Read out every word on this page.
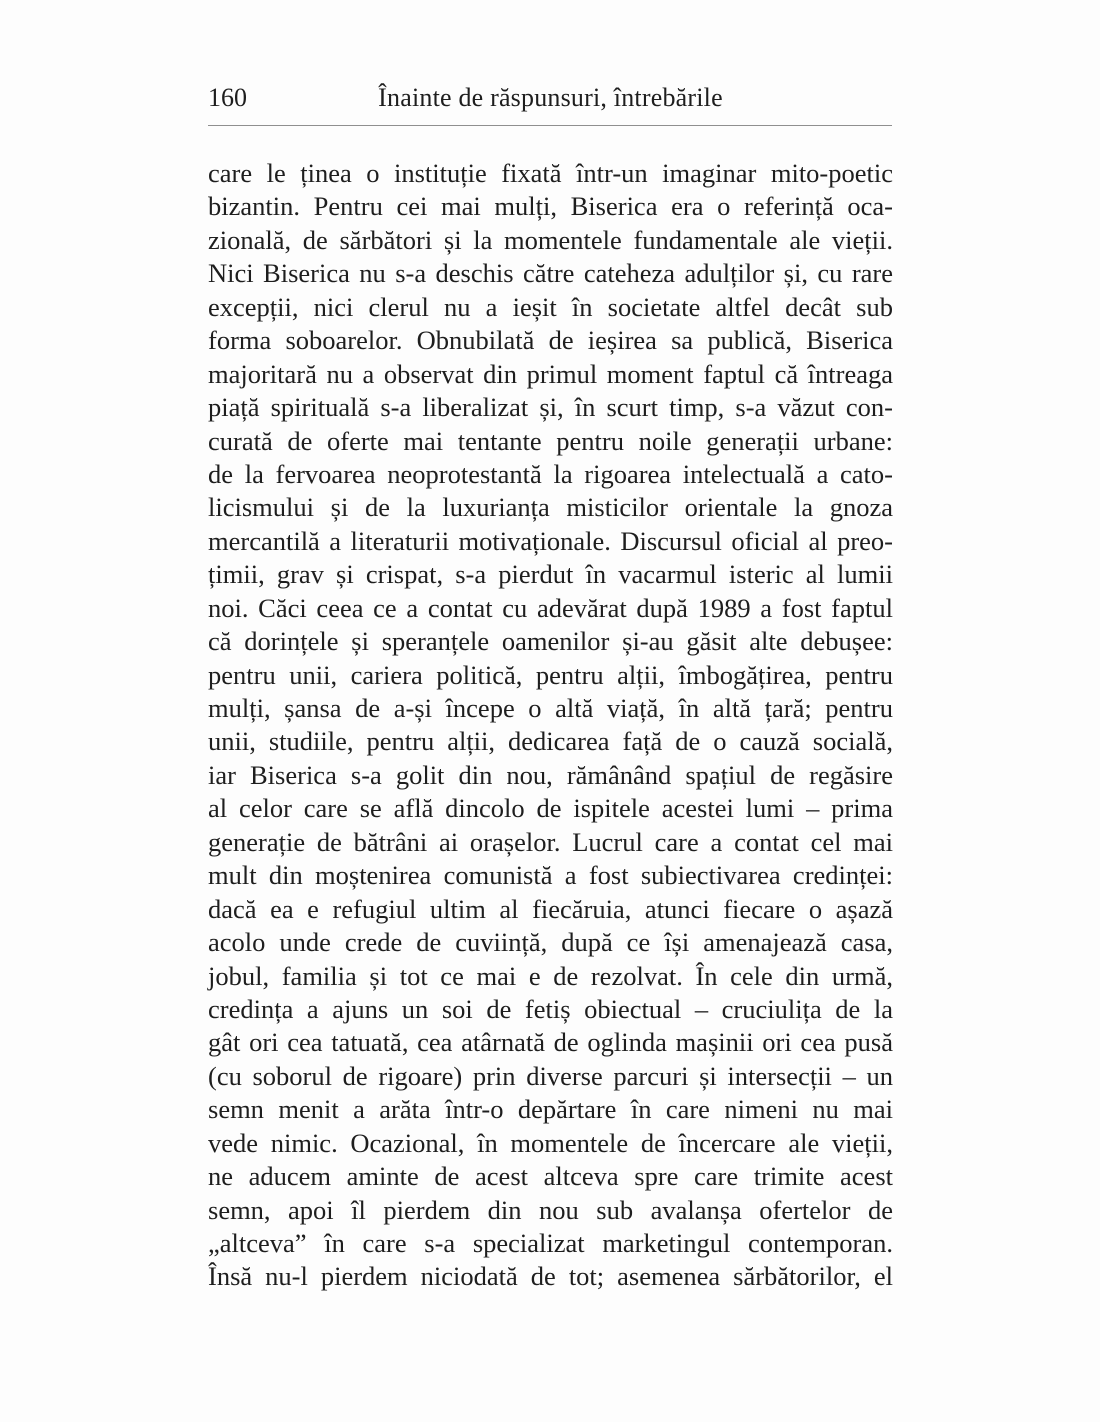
160	Înainte de răspunsuri, întrebările
care le ținea o instituție fixată într-un imaginar mito-poetic
bizantin. Pentru cei mai mulți, Biserica era o referință oca-
zională, de sărbători și la momentele fundamentale ale vieții.
Nici Biserica nu s-a deschis către cateheza adulților și, cu rare
excepții, nici clerul nu a ieșit în societate altfel decât sub
forma soboarelor. Obnubilată de ieșirea sa publică, Biserica
majoritară nu a observat din primul moment faptul că întreaga
piață spirituală s-a liberalizat și, în scurt timp, s-a văzut con-
curată de oferte mai tentante pentru noile generații urbane:
de la fervoarea neoprotestantă la rigoarea intelectuală a cato-
licismului și de la luxurianța misticilor orientale la gnoza
mercantilă a literaturii motivaționale. Discursul oficial al preo-
țimii, grav și crispat, s-a pierdut în vacarmul isteric al lumii
noi. Căci ceea ce a contat cu adevărat după 1989 a fost faptul
că dorințele și speranțele oamenilor și-au găsit alte debușee:
pentru unii, cariera politică, pentru alții, îmbogățirea, pentru
mulți, șansa de a-și începe o altă viață, în altă țară; pentru
unii, studiile, pentru alții, dedicarea față de o cauză socială,
iar Biserica s-a golit din nou, rămânând spațiul de regăsire
al celor care se află dincolo de ispitele acestei lumi – prima
generație de bătrâni ai orașelor. Lucrul care a contat cel mai
mult din moștenirea comunistă a fost subiectivarea credinței:
dacă ea e refugiul ultim al fiecăruia, atunci fiecare o așază
acolo unde crede de cuviință, după ce își amenajează casa,
jobul, familia și tot ce mai e de rezolvat. În cele din urmă,
credința a ajuns un soi de fetiș obiectual – cruciulița de la
gât ori cea tatuată, cea atârnată de oglinda mașinii ori cea pusă
(cu soborul de rigoare) prin diverse parcuri și intersecții – un
semn menit a arăta într-o depărtare în care nimeni nu mai
vede nimic. Ocazional, în momentele de încercare ale vieții,
ne aducem aminte de acest altceva spre care trimite acest
semn, apoi îl pierdem din nou sub avalanșa ofertelor de
„altceva” în care s-a specializat marketingul contemporan.
Însă nu-l pierdem niciodată de tot; asemenea sărbătorilor, el
